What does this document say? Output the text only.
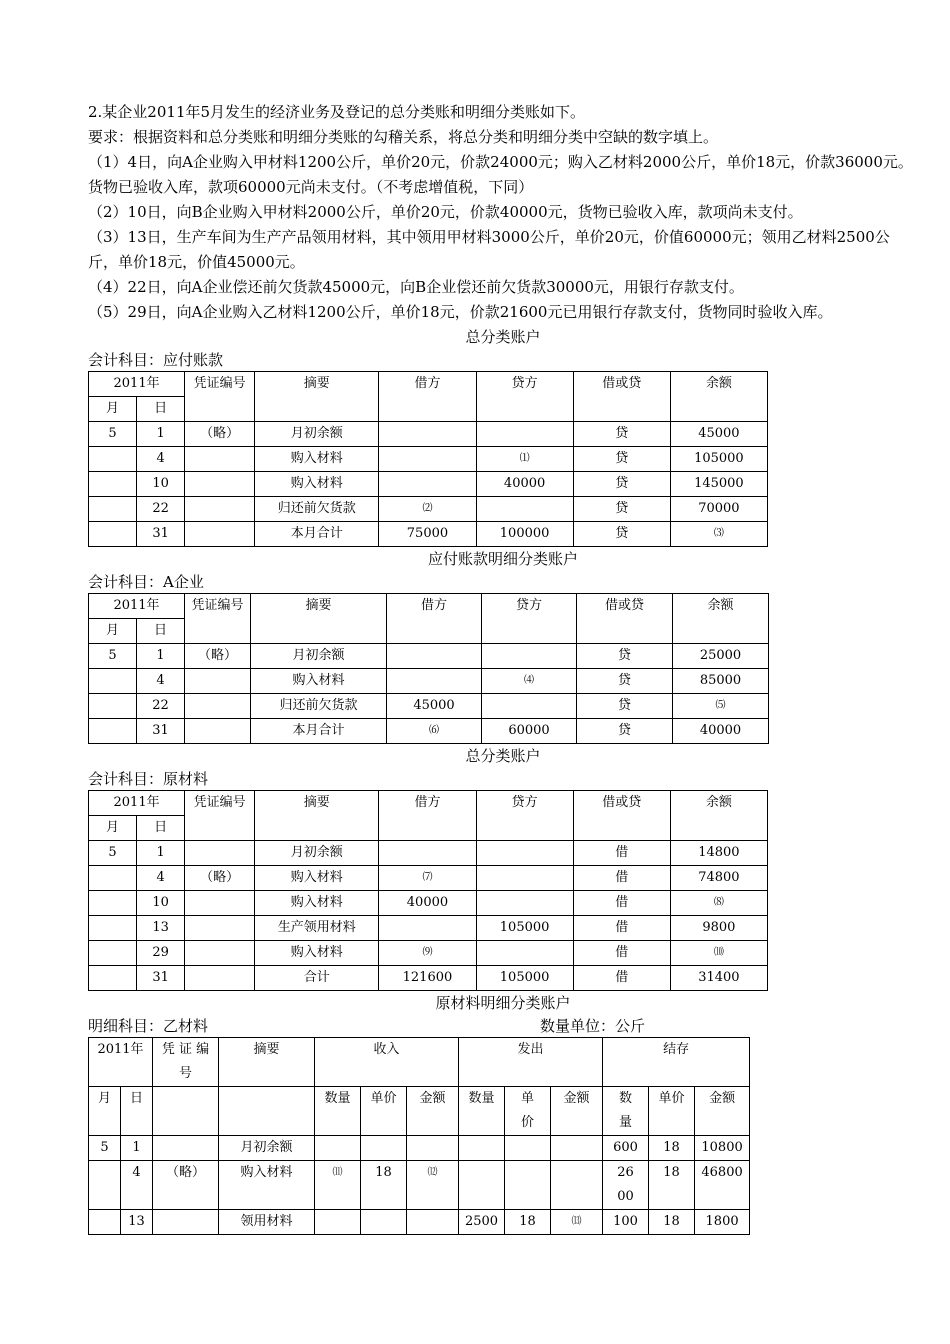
2.某企业2011年5月发生的经济业务及登记的总分类账和明细分类账如下。

要求：根据资料和总分类账和明细分类账的勾稽关系，将总分类和明细分类中空缺的数字填上。

（1）4日，向A企业购入甲材料1200公斤，单价20元，价款24000元；购入乙材料2000公斤，单价18元，价款36000元。货物已验收入库，款项60000元尚未支付。（不考虑增值税，下同）

（2）10日，向B企业购入甲材料2000公斤，单价20元，价款40000元，货物已验收入库，款项尚未支付。

（3）13日，生产车间为生产产品领用材料，其中领用甲材料3000公斤，单价20元，价值60000元；领用乙材料2500公斤，单价18元，价值45000元。

（4）22日，向A企业偿还前欠货款45000元，向B企业偿还前欠货款30000元，用银行存款支付。

（5）29日，向A企业购入乙材料1200公斤，单价18元，价款21600元已用银行存款支付，货物同时验收入库。

总分类账户
会计科目：应付账款
2011年		凭证编号	摘要	借方	贷方	借或贷	余额
月	日						
5	1	（略）	月初余额			贷	45000
	4		购入材料		⑴	贷	105000
	10		购入材料		40000	贷	145000
	22		归还前欠货款	⑵		贷	70000
	31		本月合计	75000	100000	贷	⑶
应付账款明细分类账户
会计科目：A企业
2011年		凭证编号	摘要	借方	贷方	借或贷	余额
月	日						
5	1	（略）	月初余额			贷	25000
	4		购入材料		⑷	贷	85000
	22		归还前欠货款	45000		贷	⑸
	31		本月合计	⑹	60000	贷	40000
总分类账户
会计科目：原材料
2011年		凭证编号	摘要	借方	贷方	借或贷	余额
月	日						
5	1		月初余额			借	14800
	4	（略）	购入材料	⑺		借	74800
	10		购入材料	40000		借	⑻
	13		生产领用材料		105000	借	9800
	29		购入材料	⑼		借	⑽
	31		合计	121600	105000	借	31400
原材料明细分类账户
明细科目：乙材料	数量单位：公斤
2011年		凭 证 编 号	摘要	收入			发出			结存		
月	日			数量	单价	金额	数量	单价	金额	数量	单价	金额
5	1		月初余额							600	18	10800
	4	（略）	购入材料	⑾	18	⑿				2600	18	46800
	13		领用材料				2500	18	⒀	100	18	1800
